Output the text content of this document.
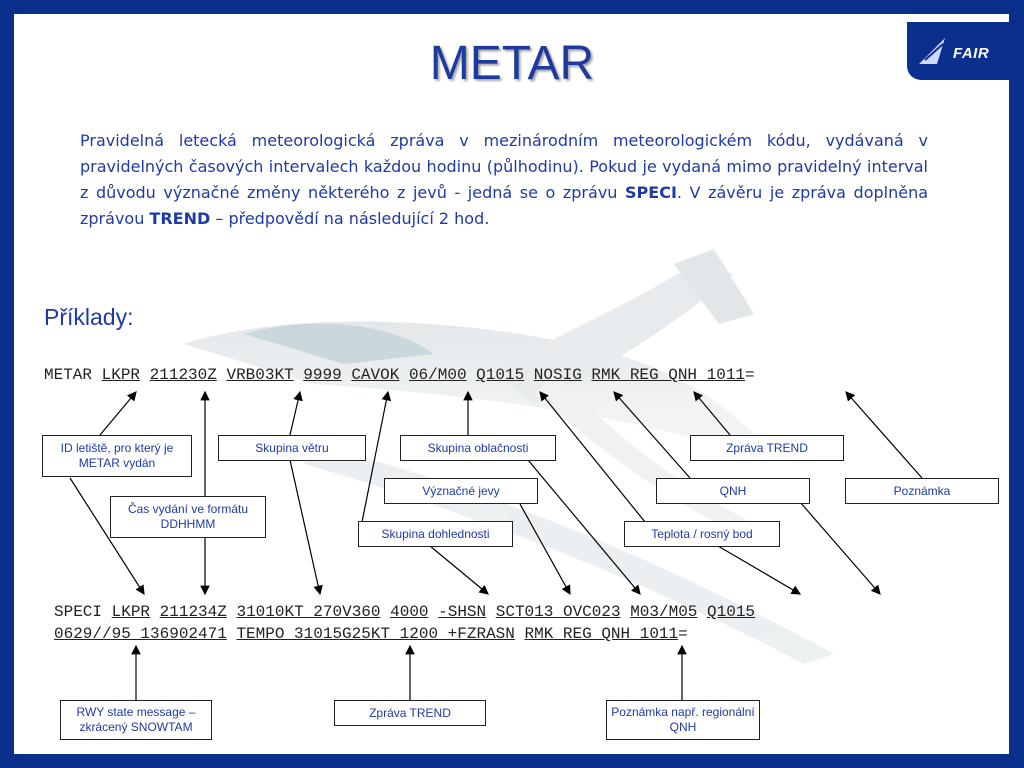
FAIR
METAR
Pravidelná letecká meteorologická zpráva v mezinárodním meteorologickém kódu, vydávaná v pravidelných časových intervalech každou hodinu (půlhodinu). Pokud je vydaná mimo pravidelný interval z důvodu význačné změny některého z jevů - jedná se o zprávu SPECI. V závěru je zpráva doplněna zprávou TREND – předpovědí na následující 2 hod.
Příklady:
METAR LKPR 211230Z VRB03KT 9999 CAVOK 06/M00 Q1015 NOSIG RMK REG QNH 1011=
SPECI LKPR 211234Z 31010KT 270V360 4000 -SHSN SCT013 OVC023 M03/M05 Q1015
0629//95 136902471 TEMPO 31015G25KT 1200 +FZRASN RMK REG QNH 1011=
ID letiště, pro který je METAR vydán
Skupina větru	Skupina oblačnosti	Zpráva TREND
Čas vydání ve formátu DDHHMM
Význačné jevy	QNH	Poznámka
Skupina dohlednosti	Teplota / rosný bod
RWY state message – zkrácený SNOWTAM
Zpráva TREND	Poznámka např. regionální QNH
